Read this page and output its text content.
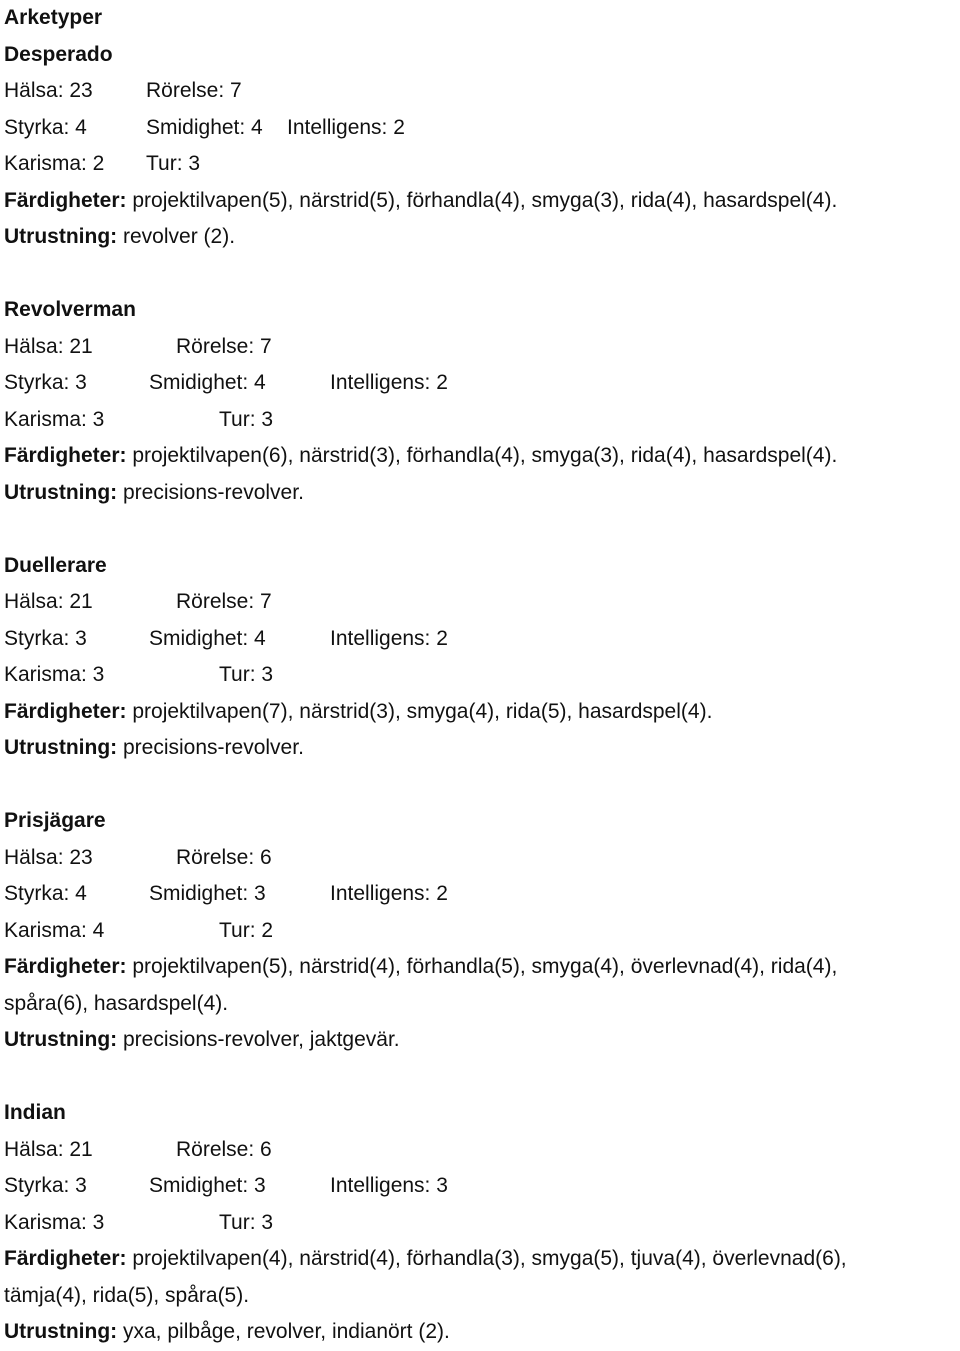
Arketyper
Desperado
Hälsa: 23	Rörelse: 7
Styrka: 4	Smidighet: 4 Intelligens: 2
Karisma: 2 Tur: 3
Färdigheter: projektilvapen(5), närstrid(5), förhandla(4), smyga(3), rida(4), hasardspel(4).
Utrustning: revolver (2).
Revolverman
Hälsa: 21	Rörelse: 7
Styrka: 3	Smidighet: 4	Intelligens: 2
Karisma: 3	Tur: 3
Färdigheter: projektilvapen(6), närstrid(3), förhandla(4), smyga(3), rida(4), hasardspel(4).
Utrustning: precisions-revolver.
Duellerare
Hälsa: 21	Rörelse: 7
Styrka: 3	Smidighet: 4	Intelligens: 2
Karisma: 3	Tur: 3
Färdigheter: projektilvapen(7), närstrid(3), smyga(4), rida(5), hasardspel(4).
Utrustning: precisions-revolver.
Prisjägare
Hälsa: 23	Rörelse: 6
Styrka: 4	Smidighet: 3	Intelligens: 2
Karisma: 4	Tur: 2
Färdigheter: projektilvapen(5), närstrid(4), förhandla(5), smyga(4), överlevnad(4), rida(4),
spåra(6), hasardspel(4).
Utrustning: precisions-revolver, jaktgevär.
Indian
Hälsa: 21	Rörelse: 6
Styrka: 3	Smidighet: 3	Intelligens: 3
Karisma: 3	Tur: 3
Färdigheter: projektilvapen(4), närstrid(4), förhandla(3), smyga(5), tjuva(4), överlevnad(6),
tämja(4), rida(5), spåra(5).
Utrustning: yxa, pilbåge, revolver, indianört (2).
